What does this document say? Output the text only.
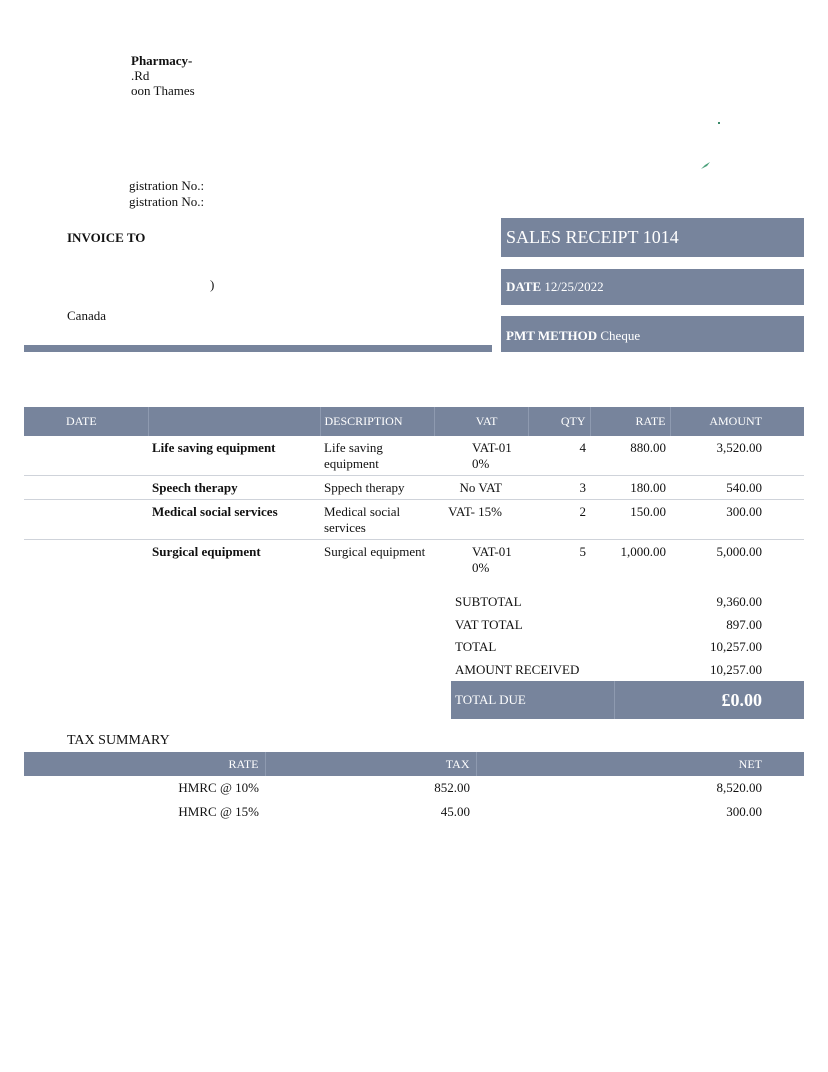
Pharmacy-
.Rd
oon Thames
gistration No.:
gistration No.:
INVOICE TO
)
Canada
SALES RECEIPT 1014
DATE 12/25/2022
PMT METHOD Cheque
DATE		DESCRIPTION	VAT	QTY	RATE	AMOUNT
	Life saving equipment	Life saving equipment	VAT-010%	4	880.00	3,520.00
	Speech therapy	Sppech therapy	No VAT	3	180.00	540.00
	Medical social services	Medical social services	VAT- 15%	2	150.00	300.00
	Surgical equipment	Surgical equipment	VAT-010%	5	1,000.00	5,000.00
SUBTOTAL	9,360.00
VAT TOTAL	897.00
TOTAL	10,257.00
AMOUNT RECEIVED	10,257.00
TOTAL DUE	£0.00
TAX SUMMARY
RATE	TAX	NET
HMRC @ 10%	852.00	8,520.00
HMRC @ 15%	45.00	300.00
